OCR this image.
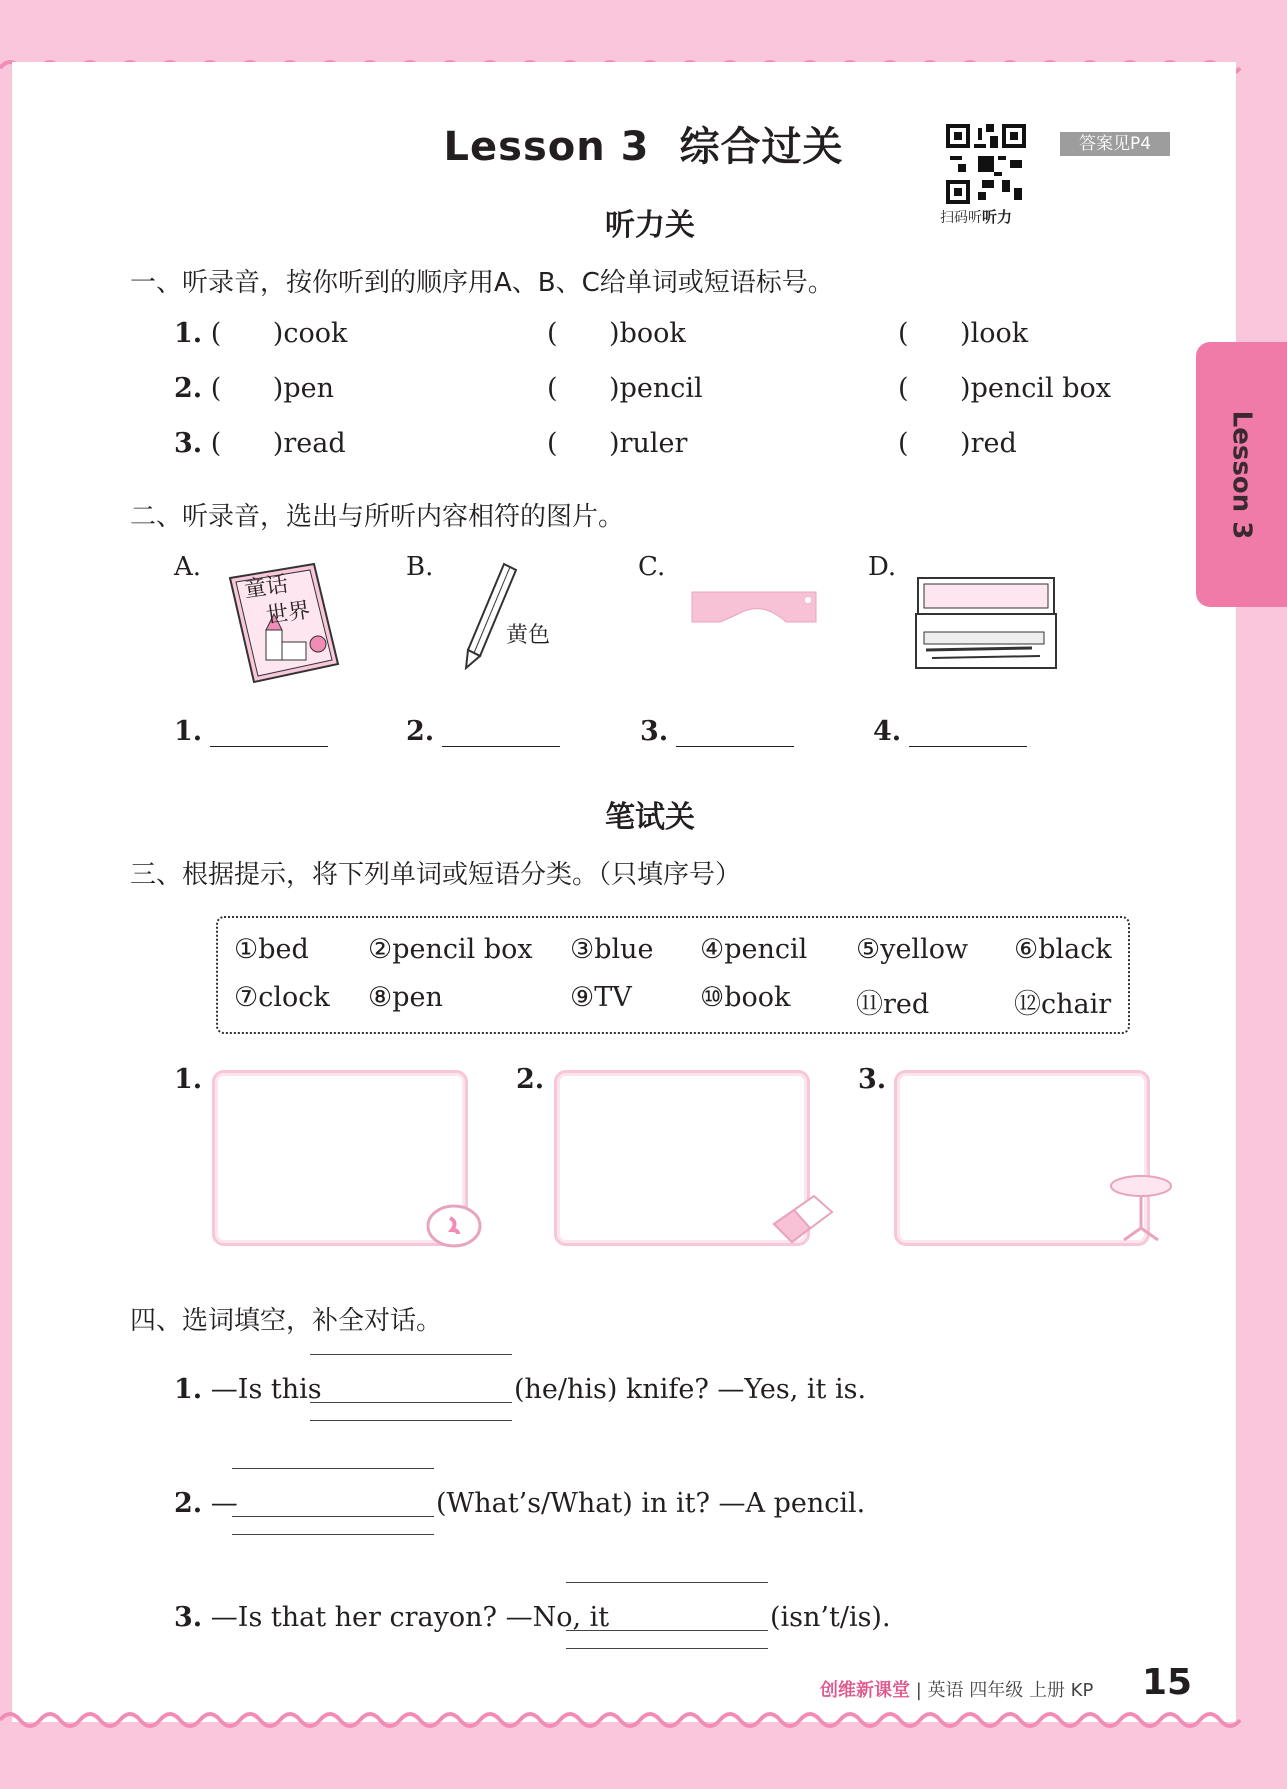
Lesson 3
Lesson 3 综合过关
扫码听听力
答案见P4
听力关
一、听录音，按你听到的顺序用A、B、C给单词或短语标号。
1. (      )cook	(      )book	(      )look
2. (      )pen	(      )pencil	(      )pencil box
3. (      )read	(      )ruler	(      )red
二、听录音，选出与所听内容相符的图片。
A.	B.	C.	D.
童话
世界
黄色
1.	2.	3.	4.
笔试关
三、根据提示，将下列单词或短语分类。（只填序号）
①bed ②pencil box ③blue ④pencil ⑤yellow ⑥black
⑦clock ⑧pen	⑨TV	⑩book ⑪red	⑫chair
1.	2.	3.
四、选词填空，补全对话。
1. —Is this	(he/his) knife? —Yes, it is.
2. —	(What’s/What) in it? —A pencil.
3. —Is that her crayon? —No, it	(isn’t/is).
创维新课堂 | 英语 四年级 上册 KP 15
